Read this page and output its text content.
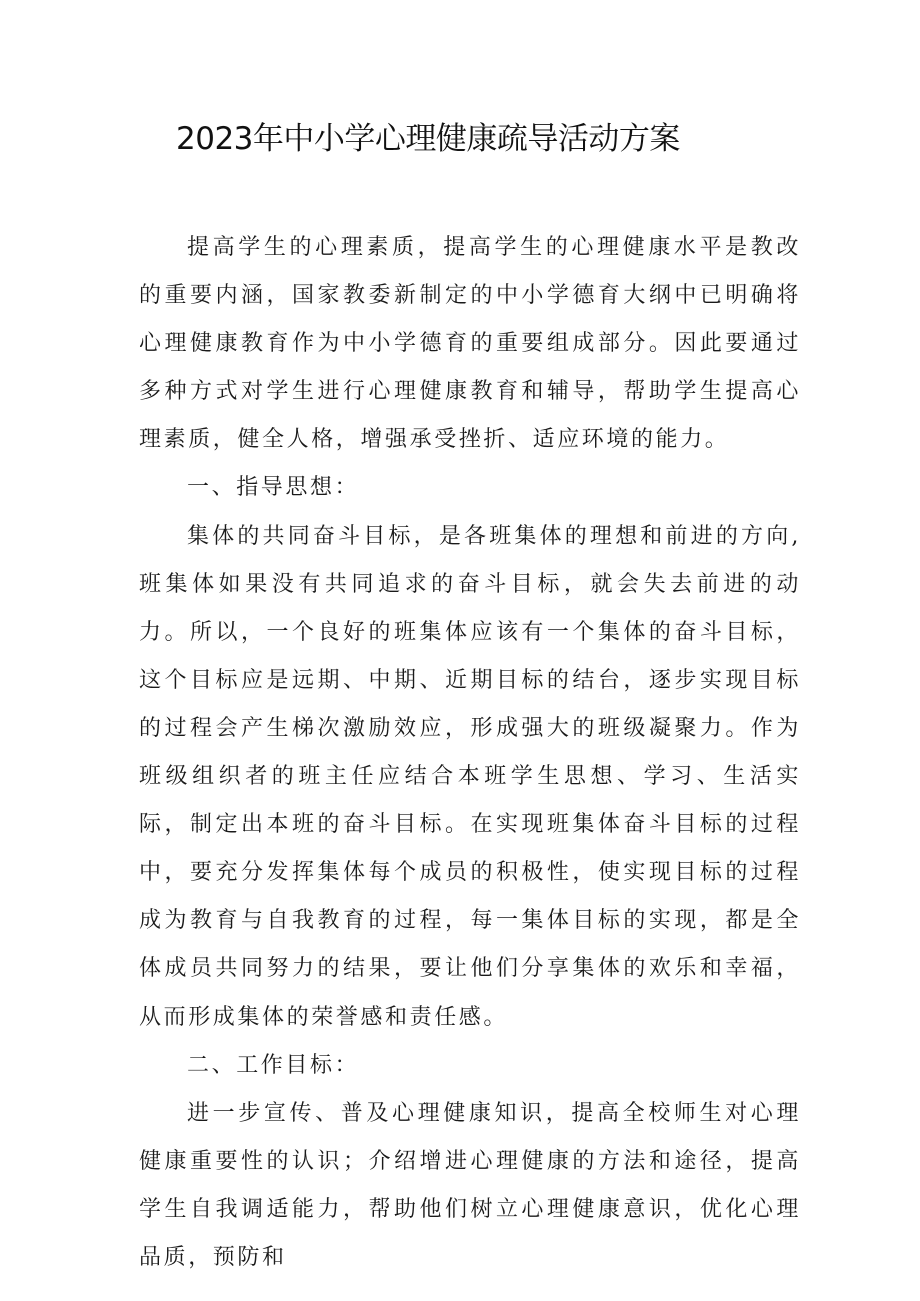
2023年中小学心理健康疏导活动方案

提高学生的心理素质，提高学生的心理健康水平是教改的重要内涵，国家教委新制定的中小学德育大纲中已明确将心理健康教育作为中小学德育的重要组成部分。因此要通过多种方式对学生进行心理健康教育和辅导，帮助学生提高心理素质，健全人格，增强承受挫折、适应环境的能力。

一、指导思想：

集体的共同奋斗目标，是各班集体的理想和前进的方向,班集体如果没有共同追求的奋斗目标，就会失去前进的动力。所以，一个良好的班集体应该有一个集体的奋斗目标，这个目标应是远期、中期、近期目标的结台，逐步实现目标的过程会产生梯次激励效应，形成强大的班级凝聚力。作为班级组织者的班主任应结合本班学生思想、学习、生活实际，制定出本班的奋斗目标。在实现班集体奋斗目标的过程中，要充分发挥集体每个成员的积极性，使实现目标的过程成为教育与自我教育的过程，每一集体目标的实现，都是全体成员共同努力的结果，要让他们分享集体的欢乐和幸福，从而形成集体的荣誉感和责任感。

二、工作目标：

进一步宣传、普及心理健康知识，提高全校师生对心理健康重要性的认识；介绍增进心理健康的方法和途径，提高学生自我调适能力，帮助他们树立心理健康意识，优化心理品质，预防和
